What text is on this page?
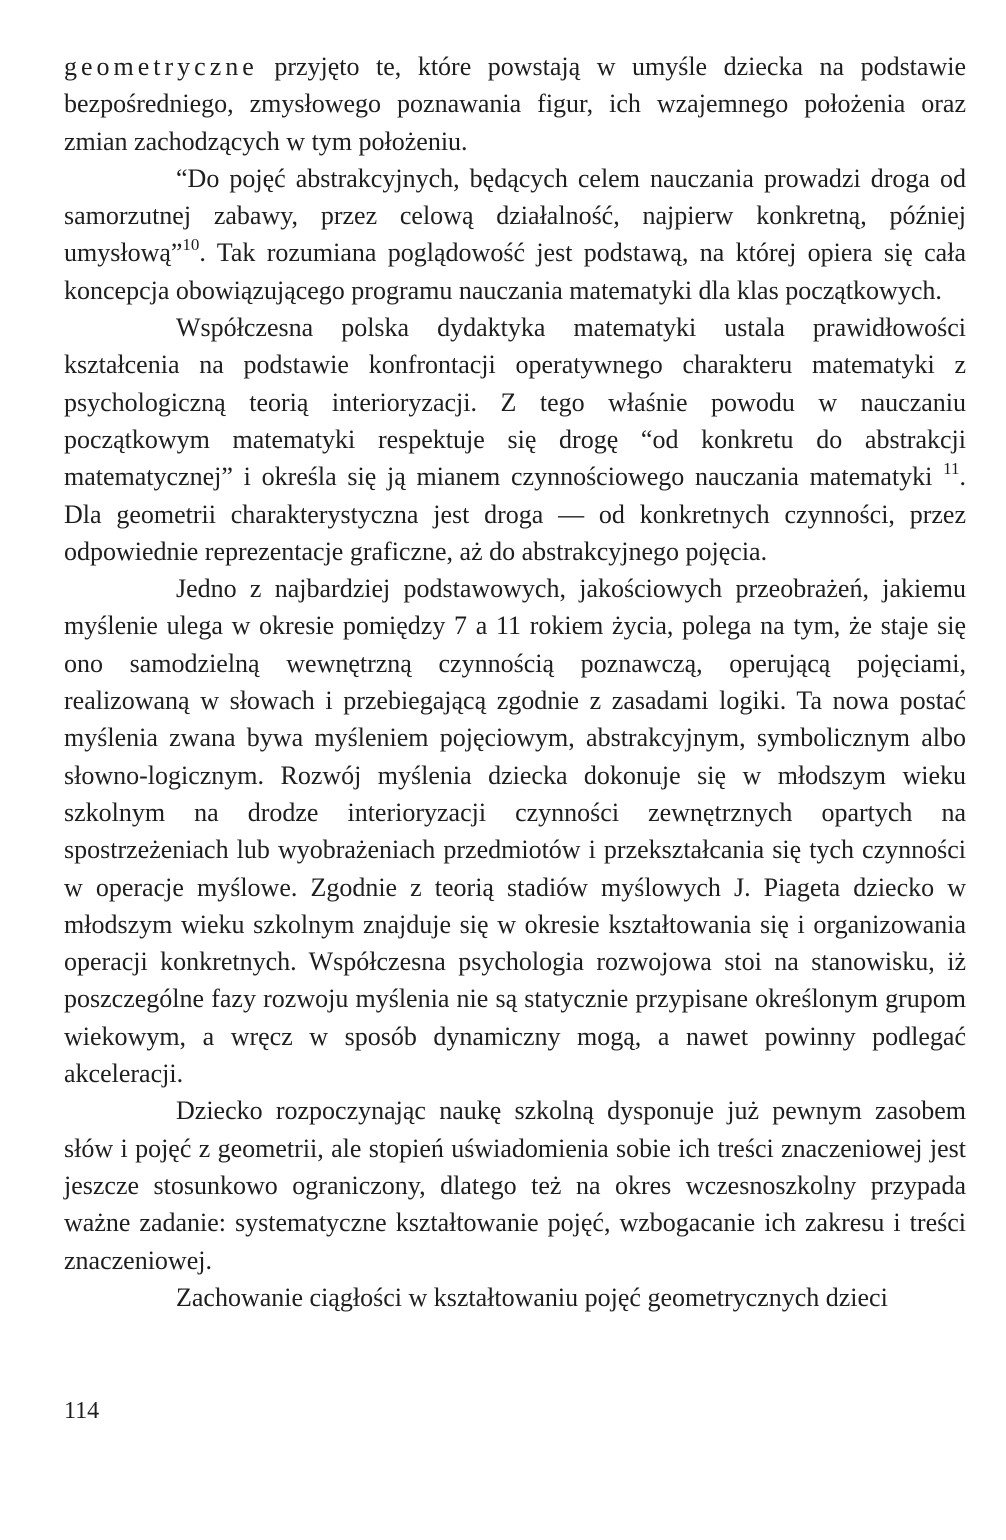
geometryczne przyjęto te, które powstają w umyśle dziecka na podstawie bezpośredniego, zmysłowego poznawania figur, ich wzajemnego położenia oraz zmian zachodzących w tym położeniu.

“Do pojęć abstrakcyjnych, będących celem nauczania prowadzi droga od samorzutnej zabawy, przez celową działalność, najpierw konkretną, później umysłową”$^{10}$. Tak rozumiana poglądowość jest podstawą, na której opiera się cała koncepcja obowiązującego programu nauczania matematyki dla klas początkowych.

Współczesna polska dydaktyka matematyki ustala prawidłowości kształcenia na podstawie konfrontacji operatywnego charakteru matematyki z psychologiczną teorią interioryzacji. Z tego właśnie powodu w nauczaniu początkowym matematyki respektuje się drogę “od konkretu do abstrakcji matematycznej” i określa się ją mianem czynnościowego nauczania matematyki $^{11}$. Dla geometrii charakterystyczna jest droga — od konkretnych czynności, przez odpowiednie reprezentacje graficzne, aż do abstrakcyjnego pojęcia.

Jedno z najbardziej podstawowych, jakościowych przeobrażeń, jakiemu myślenie ulega w okresie pomiędzy 7 a 11 rokiem życia, polega na tym, że staje się ono samodzielną wewnętrzną czynnością poznawczą, operującą pojęciami, realizowaną w słowach i przebiegającą zgodnie z zasadami logiki. Ta nowa postać myślenia zwana bywa myśleniem pojęciowym, abstrakcyjnym, symbolicznym albo słowno-logicznym. Rozwój myślenia dziecka dokonuje się w młodszym wieku szkolnym na drodze interioryzacji czynności zewnętrznych opartych na spostrzeżeniach lub wyobrażeniach przedmiotów i przekształcania się tych czynności w operacje myślowe. Zgodnie z teorią stadiów myślowych J. Piageta dziecko w młodszym wieku szkolnym znajduje się w okresie kształtowania się i organizowania operacji konkretnych. Współczesna psychologia rozwojowa stoi na stanowisku, iż poszczególne fazy rozwoju myślenia nie są statycznie przypisane określonym grupom wiekowym, a wręcz w sposób dynamiczny mogą, a nawet powinny podlegać akceleracji.

Dziecko rozpoczynając naukę szkolną dysponuje już pewnym zasobem słów i pojęć z geometrii, ale stopień uświadomienia sobie ich treści znaczeniowej jest jeszcze stosunkowo ograniczony, dlatego też na okres wczesnoszkolny przypada ważne zadanie: systematyczne kształtowanie pojęć, wzbogacanie ich zakresu i treści znaczeniowej.

Zachowanie ciągłości w kształtowaniu pojęć geometrycznych dzieci

114
